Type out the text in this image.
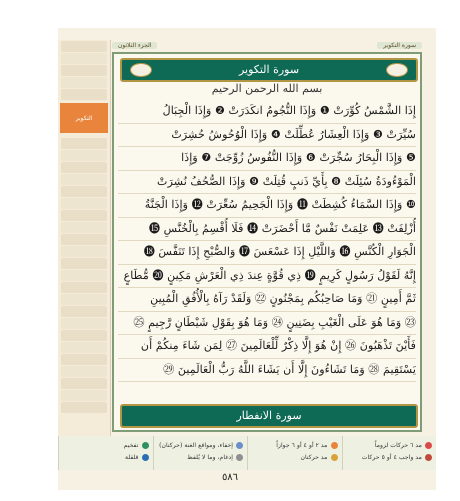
التكوير
الجزء الثلاثون	سورة التكوير
سورة التكوير
بسم الله الرحمن الرحيم
إِذَا الشَّمْسُ كُوِّرَتْ ❶ وَإِذَا النُّجُومُ انكَدَرَتْ ❷ وَإِذَا الْجِبَالُ
سُيِّرَتْ ❸ وَإِذَا الْعِشَارُ عُطِّلَتْ ❹ وَإِذَا الْوُحُوشُ حُشِرَتْ
❺ وَإِذَا الْبِحَارُ سُجِّرَتْ ❻ وَإِذَا النُّفُوسُ زُوِّجَتْ ❼ وَإِذَا
الْمَوْءُودَةُ سُئِلَتْ ❽ بِأَيِّ ذَنبٍ قُتِلَتْ ❾ وَإِذَا الصُّحُفُ نُشِرَتْ
❿ وَإِذَا السَّمَاءُ كُشِطَتْ ⓫ وَإِذَا الْجَحِيمُ سُعِّرَتْ ⓬ وَإِذَا الْجَنَّةُ
أُزْلِفَتْ ⓭ عَلِمَتْ نَفْسٌ مَّا أَحْضَرَتْ ⓮ فَلَا أُقْسِمُ بِالْخُنَّسِ ⓯
الْجَوَارِ الْكُنَّسِ ⓰ وَاللَّيْلِ إِذَا عَسْعَسَ ⓱ وَالصُّبْحِ إِذَا تَنَفَّسَ ⓲
إِنَّهُ لَقَوْلُ رَسُولٍ كَرِيمٍ ⓳ ذِي قُوَّةٍ عِندَ ذِي الْعَرْشِ مَكِينٍ ⓴ مُّطَاعٍ
ثَمَّ أَمِينٍ ㉑ وَمَا صَاحِبُكُم بِمَجْنُونٍ ㉒ وَلَقَدْ رَآهُ بِالْأُفُقِ الْمُبِينِ
㉓ وَمَا هُوَ عَلَى الْغَيْبِ بِضَنِينٍ ㉔ وَمَا هُوَ بِقَوْلِ شَيْطَانٍ رَّجِيمٍ ㉕
فَأَيْنَ تَذْهَبُونَ ㉖ إِنْ هُوَ إِلَّا ذِكْرٌ لِّلْعَالَمِينَ ㉗ لِمَن شَاءَ مِنكُمْ أَن
يَسْتَقِيمَ ㉘ وَمَا تَشَاءُونَ إِلَّا أَن يَشَاءَ اللَّهُ رَبُّ الْعَالَمِينَ ㉙
سورة الانفطار
مد ٦ حركات لزوماً
مد واجب ٤ أو ٥ حركات
مد ٢ أو ٤ أو ٦ جوازاً
مد حركتان
إخفاء، ومواقع الغنة (حركتان)
إدغام، وما لا يُلفظ
تفخيم
قلقلة
٥٨٦
